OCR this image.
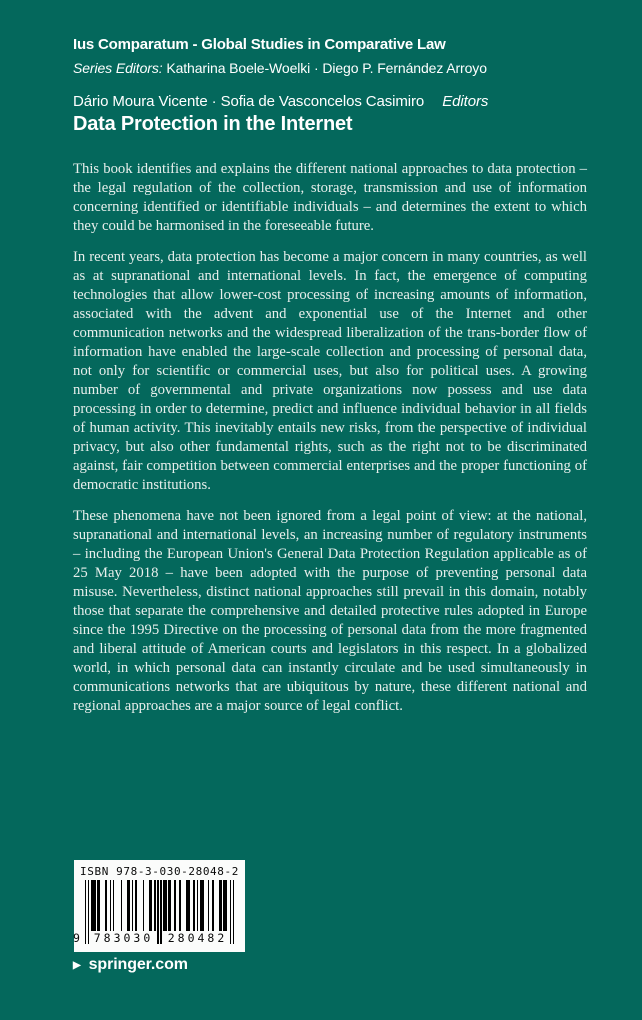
Ius Comparatum - Global Studies in Comparative Law
Series Editors: Katharina Boele-Woelki · Diego P. Fernández Arroyo
Dário Moura Vicente · Sofia de Vasconcelos Casimiro Editors
Data Protection in the Internet

This book identifies and explains the different national approaches to data protection – the legal regulation of the collection, storage, transmission and use of information concerning identified or identifiable individuals – and determines the extent to which they could be harmonised in the foreseeable future.

In recent years, data protection has become a major concern in many countries, as well as at supranational and international levels. In fact, the emergence of computing technologies that allow lower-cost processing of increasing amounts of information, associated with the advent and exponential use of the Internet and other communication networks and the widespread liberalization of the trans-border flow of information have enabled the large-scale collection and processing of personal data, not only for scientific or commercial uses, but also for political uses. A growing number of governmental and private organizations now possess and use data processing in order to determine, predict and influence individual behavior in all fields of human activity. This inevitably entails new risks, from the perspective of individual privacy, but also other fundamental rights, such as the right not to be discriminated against, fair competition between commercial enterprises and the proper functioning of democratic institutions.

These phenomena have not been ignored from a legal point of view: at the national, supranational and international levels, an increasing number of regulatory instruments – including the European Union's General Data Protection Regulation applicable as of 25 May 2018 – have been adopted with the purpose of preventing personal data misuse. Nevertheless, distinct national approaches still prevail in this domain, notably those that separate the comprehensive and detailed protective rules adopted in Europe since the 1995 Directive on the processing of personal data from the more fragmented and liberal attitude of American courts and legislators in this respect. In a globalized world, in which personal data can instantly circulate and be used simultaneously in communications networks that are ubiquitous by nature, these different national and regional approaches are a major source of legal conflict.

ISBN 978-3-030-28048-2
9	783030	280482
▶ springer.com
